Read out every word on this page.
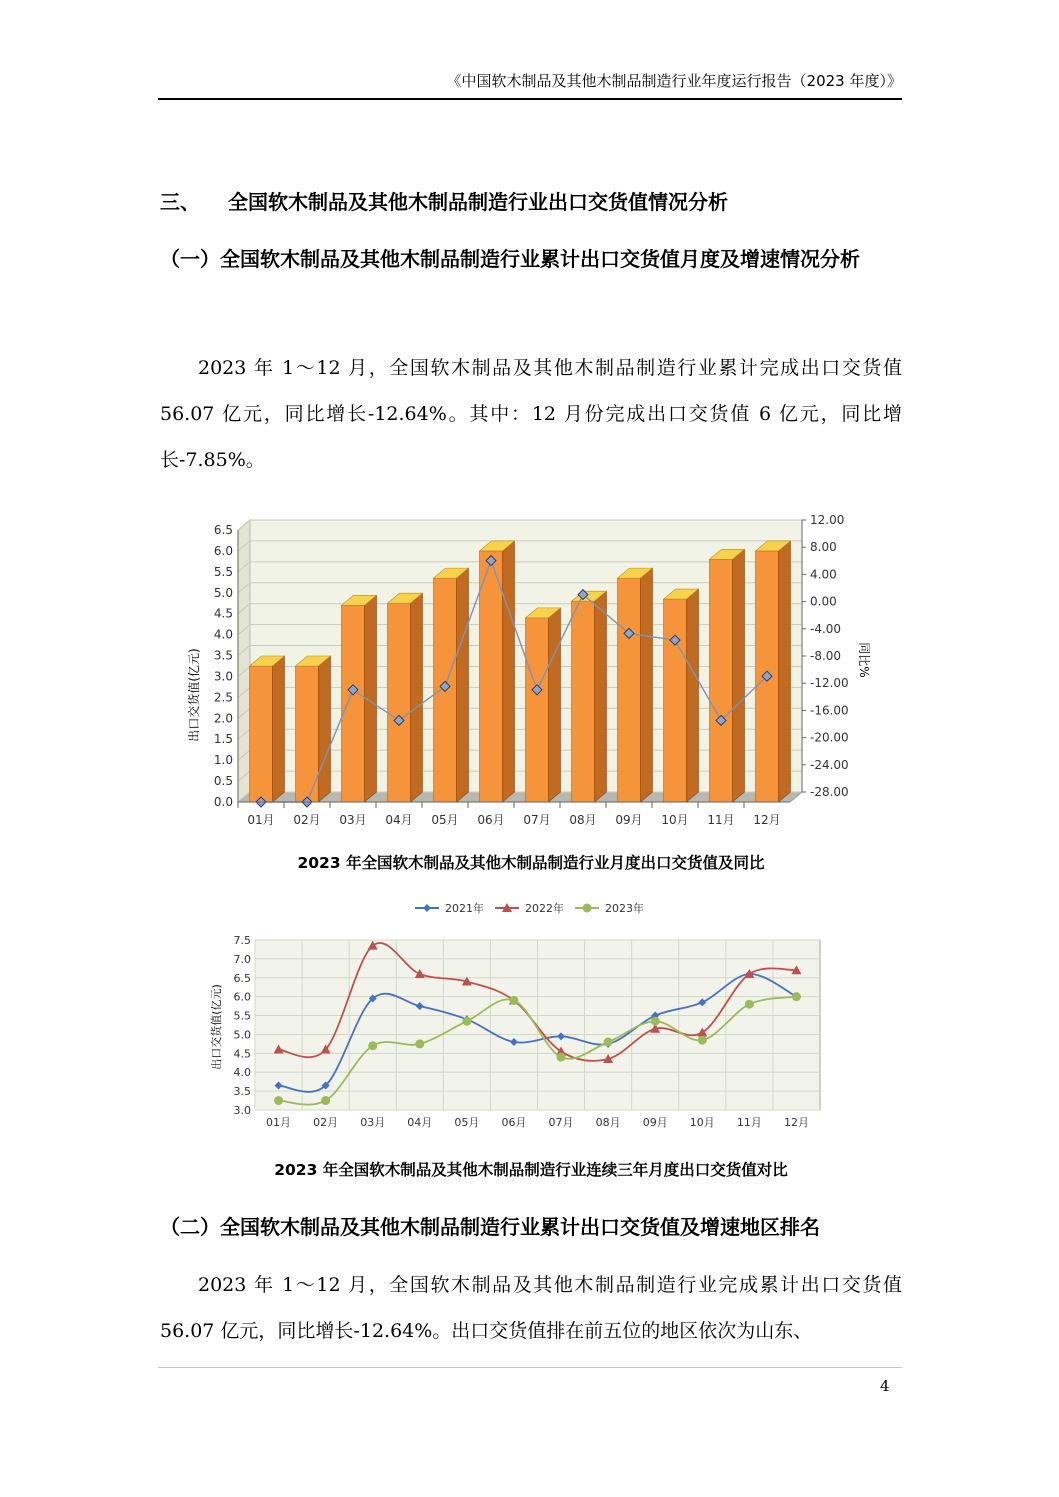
《中国软木制品及其他木制品制造行业年度运行报告（2023 年度）》
三、 全国软木制品及其他木制品制造行业出口交货值情况分析
（一）全国软木制品及其他木制品制造行业累计出口交货值月度及增速情况分析
2023 年 1～12 月，全国软木制品及其他木制品制造行业累计完成出口交货值 56.07 亿元，同比增长-12.64%。其中：12 月份完成出口交货值 6 亿元，同比增长-7.85%。
0.0
0.5
1.0
1.5
2.0
2.5
3.0
3.5
4.0
4.5
5.0
5.5
6.0
6.5
-28.00
-24.00
-20.00
-16.00
-12.00
-8.00
-4.00
0.00
4.00
8.00
12.00
01月 02月 03月 04月 05月 06月 07月 08月 09月 10月 11月 12月
出口交货值(亿元)	同比%
2023 年全国软木制品及其他木制品制造行业月度出口交货值及同比
2021年	2022年	2023年
3.0
3.5
4.0
4.5
5.0
5.5
6.0
6.5
7.0
7.5
01月 02月 03月 04月 05月 06月 07月 08月 09月 10月 11月 12月
出口交货值(亿元)
2023 年全国软木制品及其他木制品制造行业连续三年月度出口交货值对比
（二）全国软木制品及其他木制品制造行业累计出口交货值及增速地区排名
2023 年 1～12 月，全国软木制品及其他木制品制造行业完成累计出口交货值 56.07 亿元，同比增长-12.64%。出口交货值排在前五位的地区依次为山东、
4
